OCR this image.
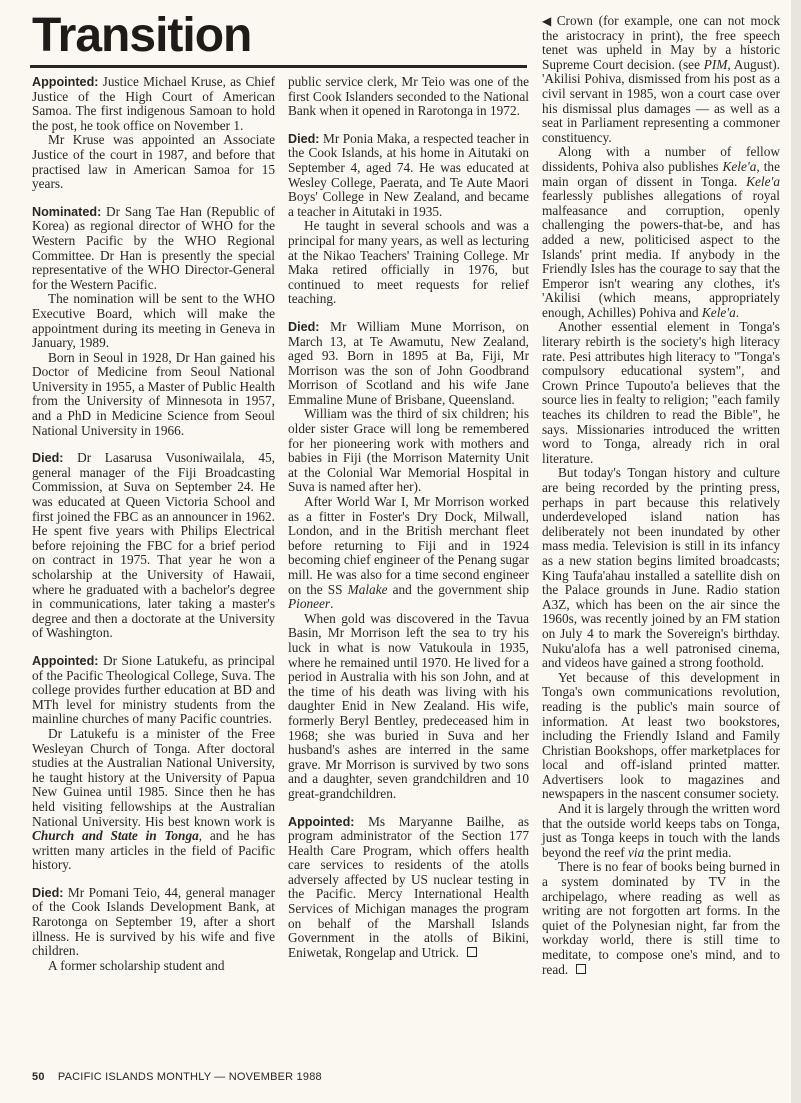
Transition

Appointed: Justice Michael Kruse, as Chief Justice of the High Court of American Samoa. The first indigenous Samoan to hold the post, he took office on November 1.

Mr Kruse was appointed an Associate Justice of the court in 1987, and before that practised law in American Samoa for 15 years.

Nominated: Dr Sang Tae Han (Republic of Korea) as regional director of WHO for the Western Pacific by the WHO Regional Committee. Dr Han is presently the special representative of the WHO Director-General for the Western Pacific.

The nomination will be sent to the WHO Executive Board, which will make the appointment during its meeting in Geneva in January, 1989.

Born in Seoul in 1928, Dr Han gained his Doctor of Medicine from Seoul National University in 1955, a Master of Public Health from the University of Minnesota in 1957, and a PhD in Medicine Science from Seoul National University in 1966.

Died: Dr Lasarusa Vusoniwailala, 45, general manager of the Fiji Broadcasting Commission, at Suva on September 24. He was educated at Queen Victoria School and first joined the FBC as an announcer in 1962. He spent five years with Philips Electrical before rejoining the FBC for a brief period on contract in 1975. That year he won a scholarship at the University of Hawaii, where he graduated with a bachelor's degree in communications, later taking a master's degree and then a doctorate at the University of Washington.

Appointed: Dr Sione Latukefu, as principal of the Pacific Theological College, Suva. The college provides further education at BD and MTh level for ministry students from the mainline churches of many Pacific countries.

Dr Latukefu is a minister of the Free Wesleyan Church of Tonga. After doctoral studies at the Australian National University, he taught history at the University of Papua New Guinea until 1985. Since then he has held visiting fellowships at the Australian National University. His best known work is Church and State in Tonga, and he has written many articles in the field of Pacific history.

Died: Mr Pomani Teio, 44, general manager of the Cook Islands Development Bank, at Rarotonga on September 19, after a short illness. He is survived by his wife and five children.

A former scholarship student and

public service clerk, Mr Teio was one of the first Cook Islanders seconded to the National Bank when it opened in Rarotonga in 1972.

Died: Mr Ponia Maka, a respected teacher in the Cook Islands, at his home in Aitutaki on September 4, aged 74. He was educated at Wesley College, Paerata, and Te Aute Maori Boys' College in New Zealand, and became a teacher in Aitutaki in 1935.

He taught in several schools and was a principal for many years, as well as lecturing at the Nikao Teachers' Training College. Mr Maka retired officially in 1976, but continued to meet requests for relief teaching.

Died: Mr William Mune Morrison, on March 13, at Te Awamutu, New Zealand, aged 93. Born in 1895 at Ba, Fiji, Mr Morrison was the son of John Goodbrand Morrison of Scotland and his wife Jane Emmaline Mune of Brisbane, Queensland.

William was the third of six children; his older sister Grace will long be remembered for her pioneering work with mothers and babies in Fiji (the Morrison Maternity Unit at the Colonial War Memorial Hospital in Suva is named after her).

After World War I, Mr Morrison worked as a fitter in Foster's Dry Dock, Milwall, London, and in the British merchant fleet before returning to Fiji and in 1924 becoming chief engineer of the Penang sugar mill. He was also for a time second engineer on the SS Malake and the government ship Pioneer.

When gold was discovered in the Tavua Basin, Mr Morrison left the sea to try his luck in what is now Vatukoula in 1935, where he remained until 1970. He lived for a period in Australia with his son John, and at the time of his death was living with his daughter Enid in New Zealand. His wife, formerly Beryl Bentley, predeceased him in 1968; she was buried in Suva and her husband's ashes are interred in the same grave. Mr Morrison is survived by two sons and a daughter, seven grandchildren and 10 great-grandchildren.

Appointed: Ms Maryanne Bailhe, as program administrator of the Section 177 Health Care Program, which offers health care services to residents of the atolls adversely affected by US nuclear testing in the Pacific. Mercy International Health Services of Michigan manages the program on behalf of the Marshall Islands Government in the atolls of Bikini, Eniwetak, Rongelap and Utrick.

◀ Crown (for example, one can not mock the aristocracy in print), the free speech tenet was upheld in May by a historic Supreme Court decision. (see PIM, August). 'Akilisi Pohiva, dismissed from his post as a civil servant in 1985, won a court case over his dismissal plus damages — as well as a seat in Parliament representing a commoner constituency.

Along with a number of fellow dissidents, Pohiva also publishes Kele'a, the main organ of dissent in Tonga. Kele'a fearlessly publishes allegations of royal malfeasance and corruption, openly challenging the powers-that-be, and has added a new, politicised aspect to the Islands' print media. If anybody in the Friendly Isles has the courage to say that the Emperor isn't wearing any clothes, it's 'Akilisi (which means, appropriately enough, Achilles) Pohiva and Kele'a.

Another essential element in Tonga's literary rebirth is the society's high literacy rate. Pesi attributes high literacy to "Tonga's compulsory educational system", and Crown Prince Tupouto'a believes that the source lies in fealty to religion; "each family teaches its children to read the Bible", he says. Missionaries introduced the written word to Tonga, already rich in oral literature.

But today's Tongan history and culture are being recorded by the printing press, perhaps in part because this relatively underdeveloped island nation has deliberately not been inundated by other mass media. Television is still in its infancy as a new station begins limited broadcasts; King Taufa'ahau installed a satellite dish on the Palace grounds in June. Radio station A3Z, which has been on the air since the 1960s, was recently joined by an FM station on July 4 to mark the Sovereign's birthday. Nuku'alofa has a well patronised cinema, and videos have gained a strong foothold.

Yet because of this development in Tonga's own communications revolution, reading is the public's main source of information. At least two bookstores, including the Friendly Island and Family Christian Bookshops, offer marketplaces for local and off-island printed matter. Advertisers look to magazines and newspapers in the nascent consumer society.

And it is largely through the written word that the outside world keeps tabs on Tonga, just as Tonga keeps in touch with the lands beyond the reef via the print media.

There is no fear of books being burned in a system dominated by TV in the archipelago, where reading as well as writing are not forgotten art forms. In the quiet of the Polynesian night, far from the workday world, there is still time to meditate, to compose one's mind, and to read.

50 PACIFIC ISLANDS MONTHLY — NOVEMBER 1988
